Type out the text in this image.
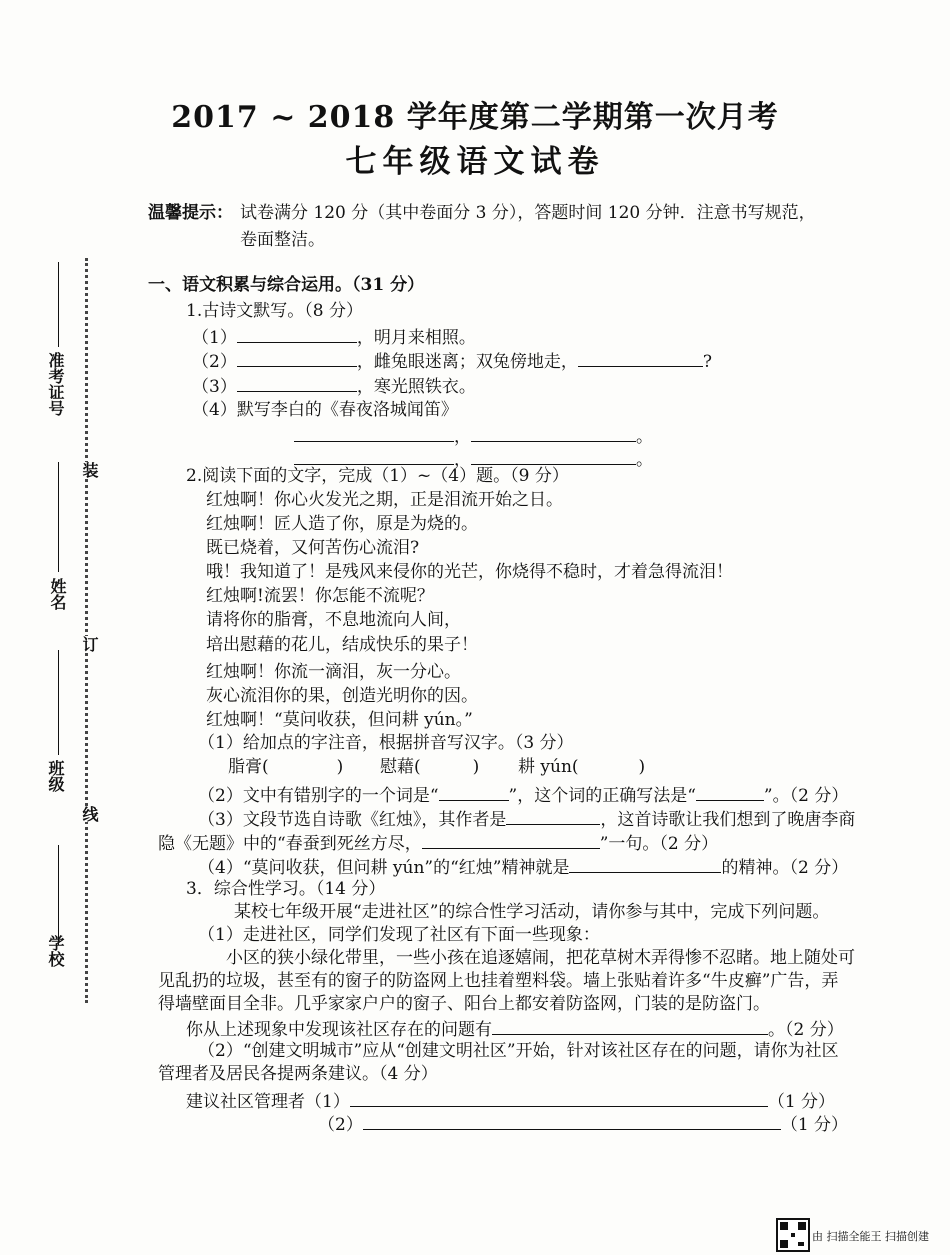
2017 ~ 2018 学年度第二学期第一次月考
七年级语文试卷
温馨提示： 试卷满分 120 分（其中卷面分 3 分），答题时间 120 分钟．注意书写规范，
卷面整洁。
准考证号
装
姓名
订
班级
线
学校
一、语文积累与综合运用。（31 分）
1.古诗文默写。（8 分）
（1）	，明月来相照。
（2）	，雌兔眼迷离；双兔傍地走，	?
（3）	，寒光照铁衣。
（4）默写李白的《春夜洛城闻笛》
，	。
，	。
2.阅读下面的文字，完成（1）~（4）题。（9 分）
红烛啊！你心火发光之期，正是泪流开始之日。
红烛啊！匠人造了你，原是为烧的。
既已烧着，又何苦伤心流泪?
哦！我知道了！是残风来侵你的光芒，你烧得不稳时，才着急得流泪！
红烛啊!流罢！你怎能不流呢？
请将你的脂膏，不息地流向人间，
培出慰藉的花儿，结成快乐的果子！
红烛啊！你流一滴泪，灰一分心。
灰心流泪你的果，创造光明你的因。
红烛啊！“莫问收获，但问耕 yún。”
（1）给加点的字注音，根据拼音写汉字。（3 分）
脂膏(	) 慰藉(	) 耕 yún(	)
（2）文中有错别字的一个词是“	”，这个词的正确写法是“	”。（2 分）
（3）文段节选自诗歌《红烛》，其作者是	，这首诗歌让我们想到了晚唐李商
隐《无题》中的“春蚕到死丝方尽，	”一句。（2 分）
（4）“莫问收获，但问耕 yún”的“红烛”精神就是	的精神。（2 分）
3．综合性学习。（14 分）
某校七年级开展“走进社区”的综合性学习活动，请你参与其中，完成下列问题。
（1）走进社区，同学们发现了社区有下面一些现象：
小区的狭小绿化带里，一些小孩在追逐嬉闹，把花草树木弄得惨不忍睹。地上随处可
见乱扔的垃圾，甚至有的窗子的防盗网上也挂着塑料袋。墙上张贴着许多“牛皮癣”广告，弄
得墙壁面目全非。几乎家家户户的窗子、阳台上都安着防盗网，门装的是防盗门。
你从上述现象中发现该社区存在的问题有	。（2 分）
（2）“创建文明城市”应从“创建文明社区”开始，针对该社区存在的问题，请你为社区
管理者及居民各提两条建议。（4 分）
建议社区管理者（1）	（1 分）
（2）	（1 分）
由 扫描全能王 扫描创建
